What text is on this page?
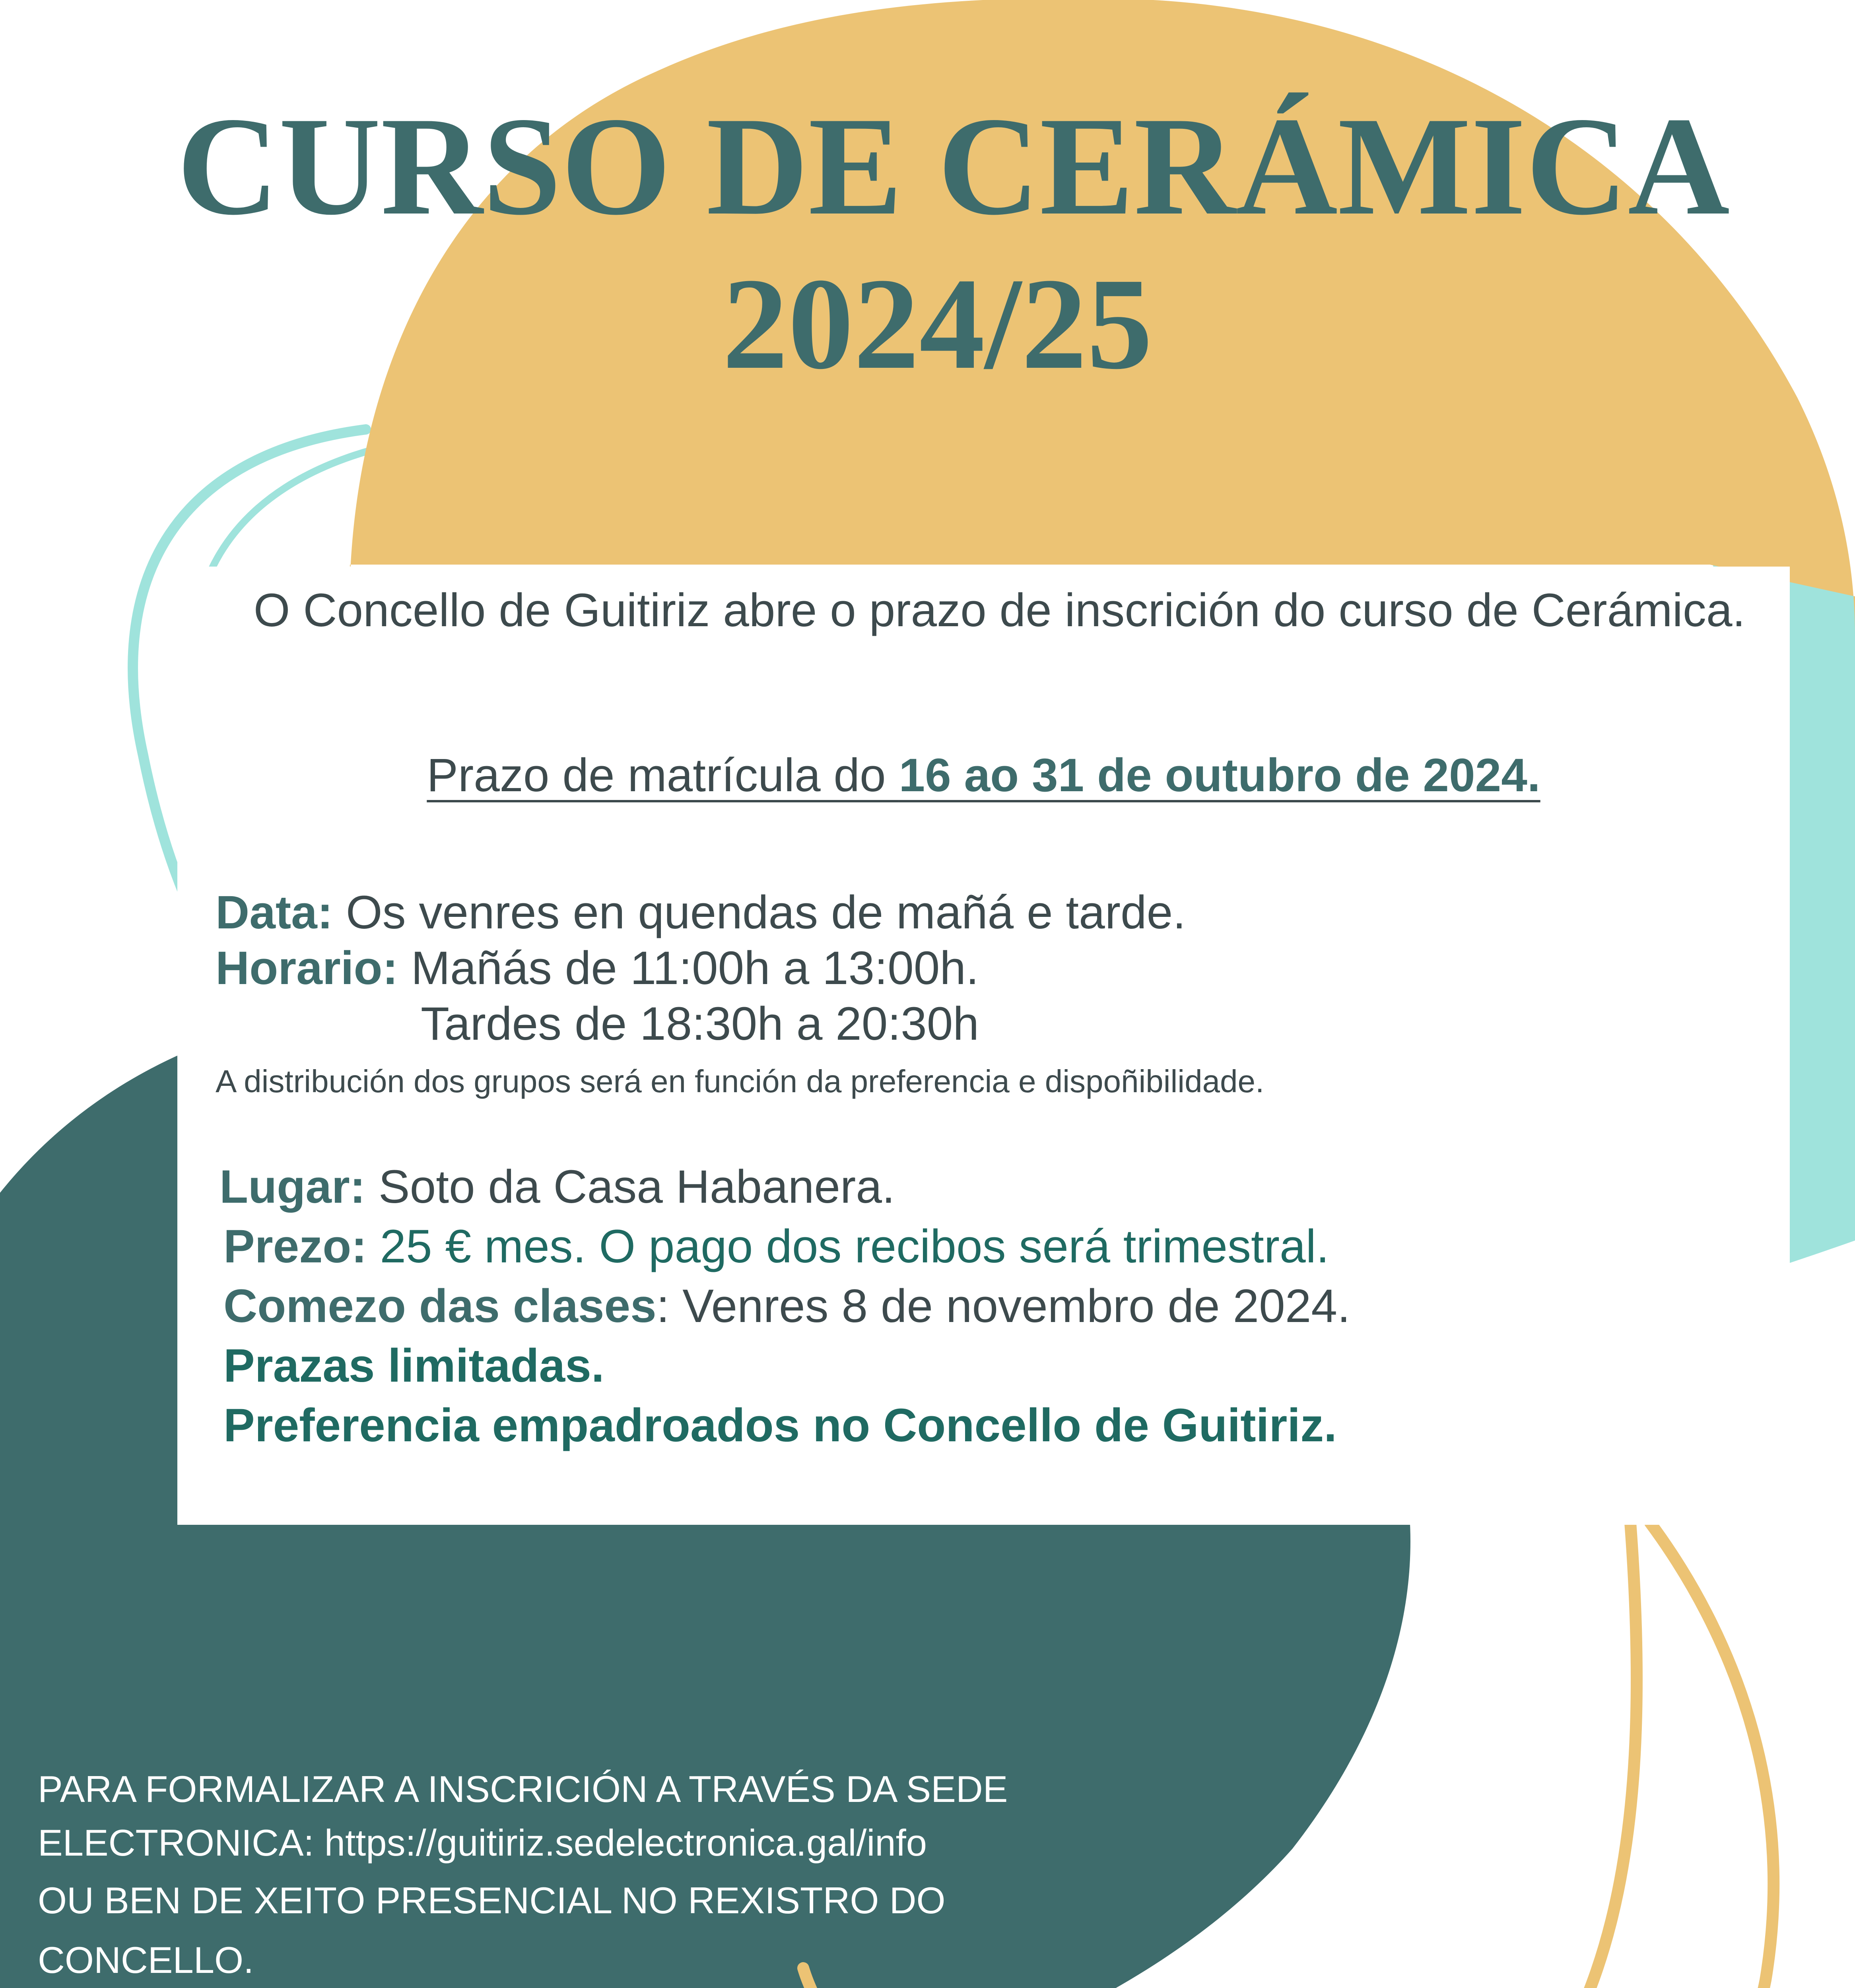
CURSO DE CERÁMICA
2024/25

O Concello de Guitiriz abre o prazo de inscrición do curso de Cerámica.

Prazo de matrícula do 16 ao 31 de outubro de 2024.

Data: Os venres en quendas de mañá e tarde.

Horario: Mañás de 11:00h a 13:00h.

Tardes de 18:30h a 20:30h

A distribución dos grupos será en función da preferencia e dispoñibilidade.

Lugar: Soto da Casa Habanera.

Prezo: 25 € mes. O pago dos recibos será trimestral.

Comezo das clases: Venres 8 de novembro de 2024.

Prazas limitadas.

Preferencia empadroados no Concello de Guitiriz.

PARA FORMALIZAR A INSCRICIÓN A TRAVÉS DA SEDE

ELECTRONICA: https://guitiriz.sedelectronica.gal/info

OU BEN DE XEITO PRESENCIAL NO REXISTRO DO

CONCELLO.
